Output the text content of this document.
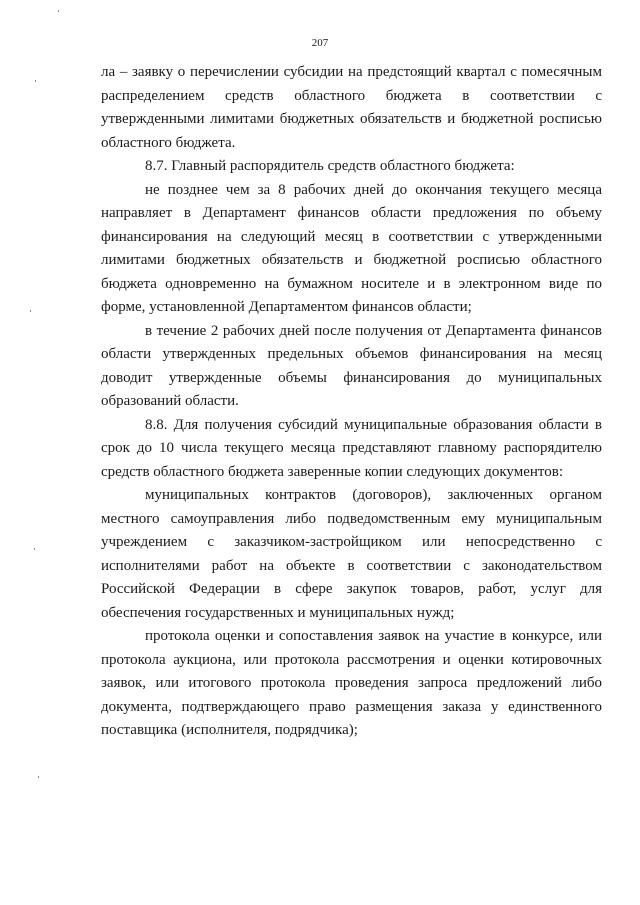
207

ла – заявку о перечислении субсидии на предстоящий квартал с помесячным распределением средств областного бюджета в соответствии с утвержденными лимитами бюджетных обязательств и бюджетной росписью областного бюджета.

8.7. Главный распорядитель средств областного бюджета:

не позднее чем за 8 рабочих дней до окончания текущего месяца направляет в Департамент финансов области предложения по объему финансирования на следующий месяц в соответствии с утвержденными лимитами бюджетных обязательств и бюджетной росписью областного бюджета одновременно на бумажном носителе и в электронном виде по форме, установленной Департаментом финансов области;

в течение 2 рабочих дней после получения от Департамента финансов области утвержденных предельных объемов финансирования на месяц доводит утвержденные объемы финансирования до муниципальных образований области.

8.8. Для получения субсидий муниципальные образования области в срок до 10 числа текущего месяца представляют главному распорядителю средств областного бюджета заверенные копии следующих документов:

муниципальных контрактов (договоров), заключенных органом местного самоуправления либо подведомственным ему муниципальным учреждением с заказчиком-застройщиком или непосредственно с исполнителями работ на объекте в соответствии с законодательством Российской Федерации в сфере закупок товаров, работ, услуг для обеспечения государственных и муниципальных нужд;

протокола оценки и сопоставления заявок на участие в конкурсе, или протокола аукциона, или протокола рассмотрения и оценки котировочных заявок, или итогового протокола проведения запроса предложений либо документа, подтверждающего право размещения заказа у единственного поставщика (исполнителя, подрядчика);
